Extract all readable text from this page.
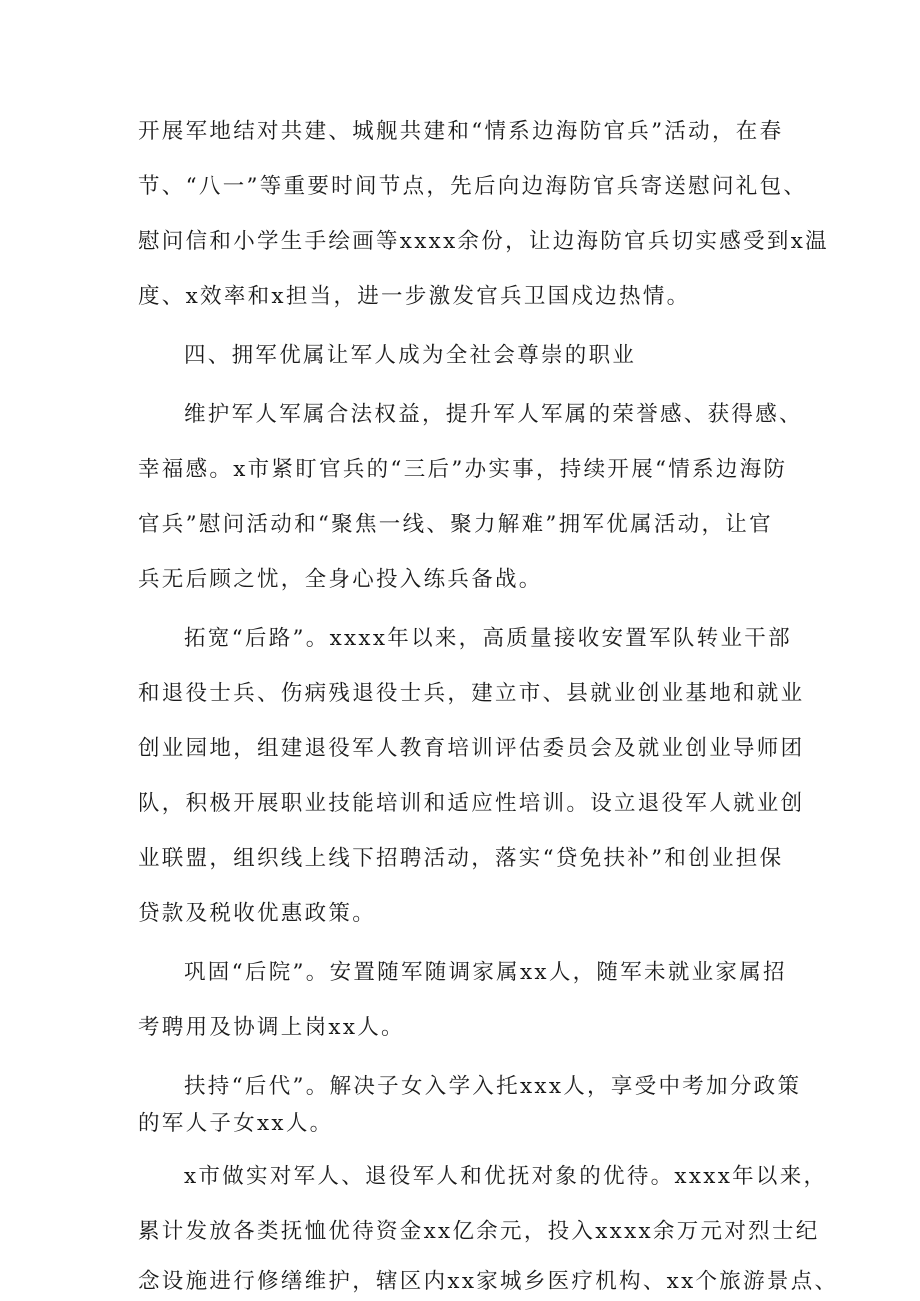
开展军地结对共建、城舰共建和“情系边海防官兵”活动，在春
节、“八一”等重要时间节点，先后向边海防官兵寄送慰问礼包、
慰问信和小学生手绘画等xxxx余份，让边海防官兵切实感受到x温
度、x效率和x担当，进一步激发官兵卫国戍边热情。
四、拥军优属让军人成为全社会尊崇的职业
维护军人军属合法权益，提升军人军属的荣誉感、获得感、
幸福感。x市紧盯官兵的“三后”办实事，持续开展“情系边海防
官兵”慰问活动和“聚焦一线、聚力解难”拥军优属活动，让官
兵无后顾之忧，全身心投入练兵备战。
拓宽“后路”。xxxx年以来，高质量接收安置军队转业干部
和退役士兵、伤病残退役士兵，建立市、县就业创业基地和就业
创业园地，组建退役军人教育培训评估委员会及就业创业导师团
队，积极开展职业技能培训和适应性培训。设立退役军人就业创
业联盟，组织线上线下招聘活动，落实“贷免扶补”和创业担保
贷款及税收优惠政策。
巩固“后院”。安置随军随调家属xx人，随军未就业家属招
考聘用及协调上岗xx人。
扶持“后代”。解决子女入学入托xxx人，享受中考加分政策
的军人子女xx人。
x市做实对军人、退役军人和优抚对象的优待。xxxx年以来，
累计发放各类抚恤优待资金xx亿余元，投入xxxx余万元对烈士纪
念设施进行修缮维护，辖区内xx家城乡医疗机构、xx个旅游景点、
